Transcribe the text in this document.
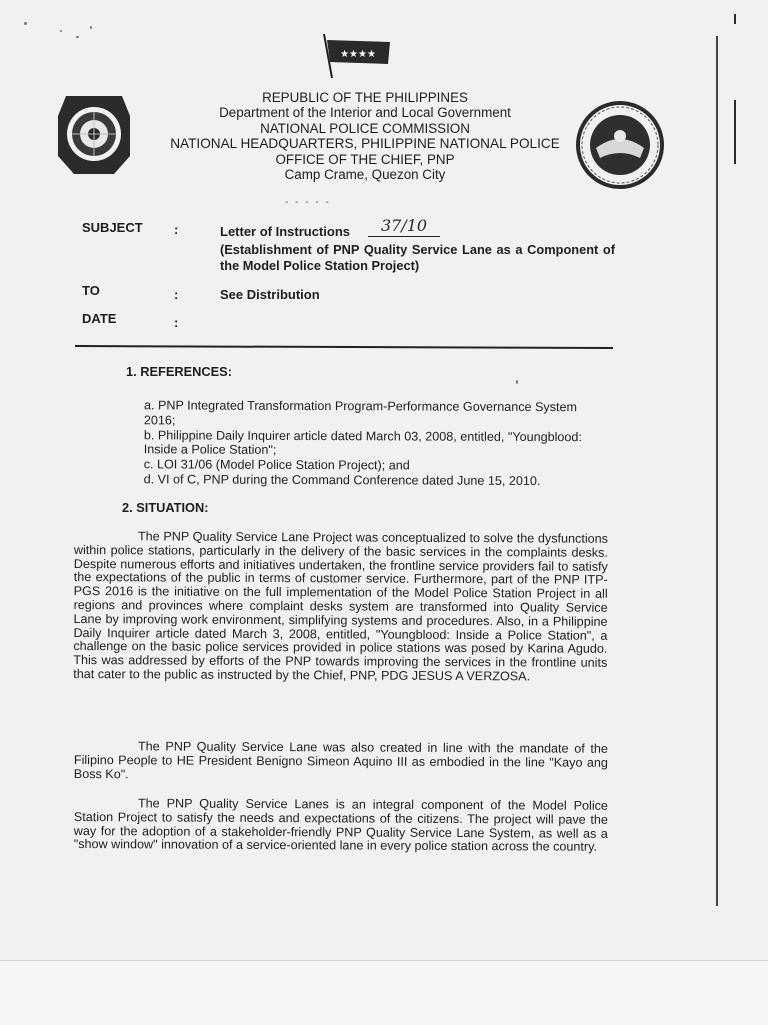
★★★★
REPUBLIC OF THE PHILIPPINES
Department of the Interior and Local Government
NATIONAL POLICE COMMISSION
NATIONAL HEADQUARTERS, PHILIPPINE NATIONAL POLICE
OFFICE OF THE CHIEF, PNP
Camp Crame, Quezon City
- - - - -
SUBJECT :	Letter of Instructions	37/10
(Establishment of PNP Quality Service Lane as a Component of the Model Police Station Project)
TO	:	See Distribution
DATE	:
1. REFERENCES:

a. PNP Integrated Transformation Program-Performance Governance System 2016;

b. Philippine Daily Inquirer article dated March 03, 2008, entitled, "Youngblood: Inside a Police Station";

c. LOI 31/06 (Model Police Station Project); and

d. VI of C, PNP during the Command Conference dated June 15, 2010.

2. SITUATION:

The PNP Quality Service Lane Project was conceptualized to solve the dysfunctions within police stations, particularly in the delivery of the basic services in the complaints desks. Despite numerous efforts and initiatives undertaken, the frontline service providers fail to satisfy the expectations of the public in terms of customer service. Furthermore, part of the PNP ITP-PGS 2016 is the initiative on the full implementation of the Model Police Station Project in all regions and provinces where complaint desks system are transformed into Quality Service Lane by improving work environment, simplifying systems and procedures. Also, in a Philippine Daily Inquirer article dated March 3, 2008, entitled, "Youngblood: Inside a Police Station", a challenge on the basic police services provided in police stations was posed by Karina Agudo. This was addressed by efforts of the PNP towards improving the services in the frontline units that cater to the public as instructed by the Chief, PNP, PDG JESUS A VERZOSA.

The PNP Quality Service Lane was also created in line with the mandate of the Filipino People to HE President Benigno Simeon Aquino III as embodied in the line "Kayo ang Boss Ko".

The PNP Quality Service Lanes is an integral component of the Model Police Station Project to satisfy the needs and expectations of the citizens. The project will pave the way for the adoption of a stakeholder-friendly PNP Quality Service Lane System, as well as a "show window" innovation of a service-oriented lane in every police station across the country.
